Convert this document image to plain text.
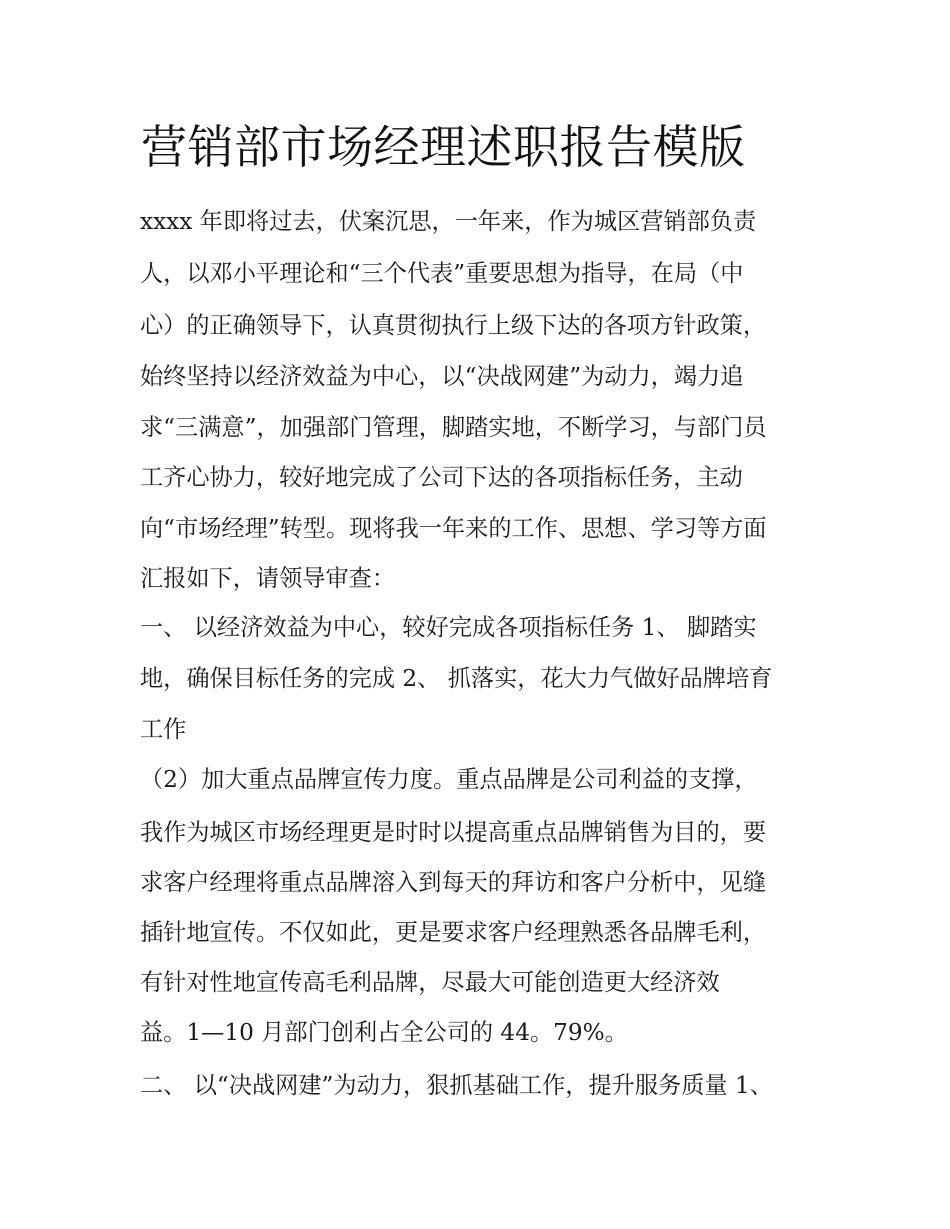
营销部市场经理述职报告模版

xxxx 年即将过去，伏案沉思，一年来，作为城区营销部负责

人，以邓小平理论和“三个代表”重要思想为指导，在局（中

心）的正确领导下，认真贯彻执行上级下达的各项方针政策，

始终坚持以经济效益为中心，以“决战网建”为动力，竭力追

求“三满意”，加强部门管理，脚踏实地，不断学习，与部门员

工齐心协力，较好地完成了公司下达的各项指标任务，主动

向“市场经理”转型。现将我一年来的工作、思想、学习等方面

汇报如下，请领导审查：

一、 以经济效益为中心，较好完成各项指标任务 1、 脚踏实

地，确保目标任务的完成 2、 抓落实，花大力气做好品牌培育

工作

（2）加大重点品牌宣传力度。重点品牌是公司利益的支撑，

我作为城区市场经理更是时时以提高重点品牌销售为目的，要

求客户经理将重点品牌溶入到每天的拜访和客户分析中，见缝

插针地宣传。不仅如此，更是要求客户经理熟悉各品牌毛利，

有针对性地宣传高毛利品牌，尽最大可能创造更大经济效

益。1—10 月部门创利占全公司的 44。79%。

二、 以“决战网建”为动力，狠抓基础工作，提升服务质量 1、
